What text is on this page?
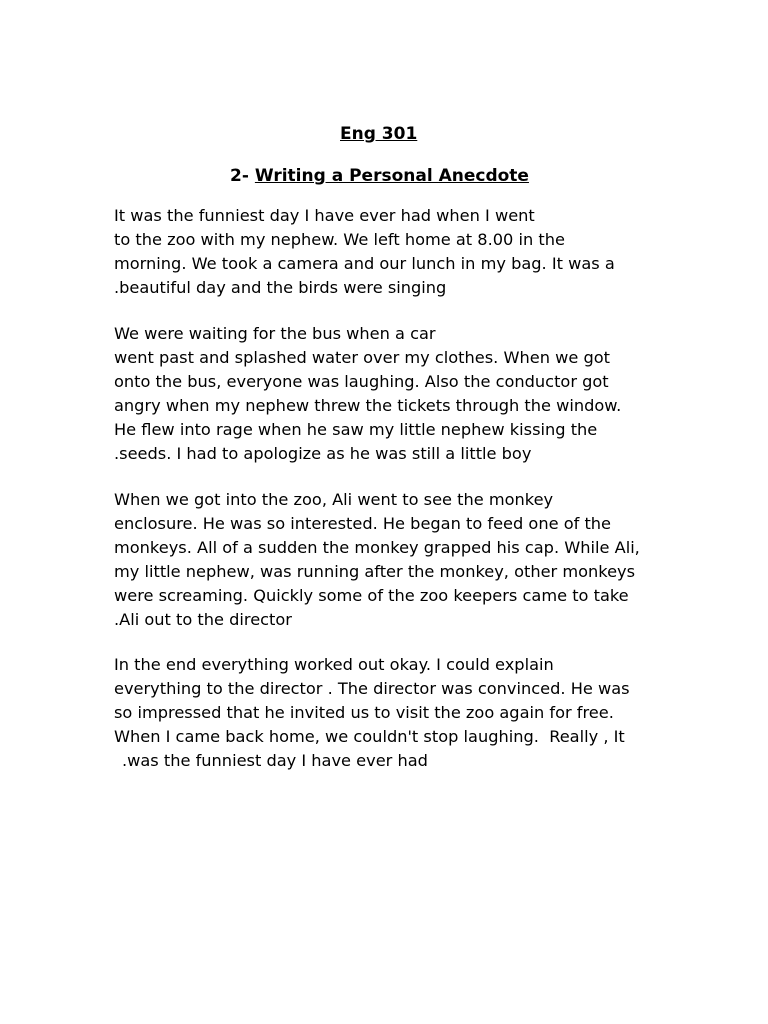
Eng 301
2- Writing a Personal Anecdote
It was the funniest day I have ever had when I went
to the zoo with my nephew. We left home at 8.00 in the
morning. We took a camera and our lunch in my bag. It was a
.beautiful day and the birds were singing
We were waiting for the bus when a car
went past and splashed water over my clothes. When we got
onto the bus, everyone was laughing. Also the conductor got
angry when my nephew threw the tickets through the window.
He flew into rage when he saw my little nephew kissing the
.seeds. I had to apologize as he was still a little boy
When we got into the zoo, Ali went to see the monkey
enclosure. He was so interested. He began to feed one of the
monkeys. All of a sudden the monkey grapped his cap. While Ali,
my little nephew, was running after the monkey, other monkeys
were screaming. Quickly some of the zoo keepers came to take
.Ali out to the director
In the end everything worked out okay. I could explain
everything to the director . The director was convinced. He was
so impressed that he invited us to visit the zoo again for free.
When I came back home, we couldn't stop laughing.  Really , It
.was the funniest day I have ever had
